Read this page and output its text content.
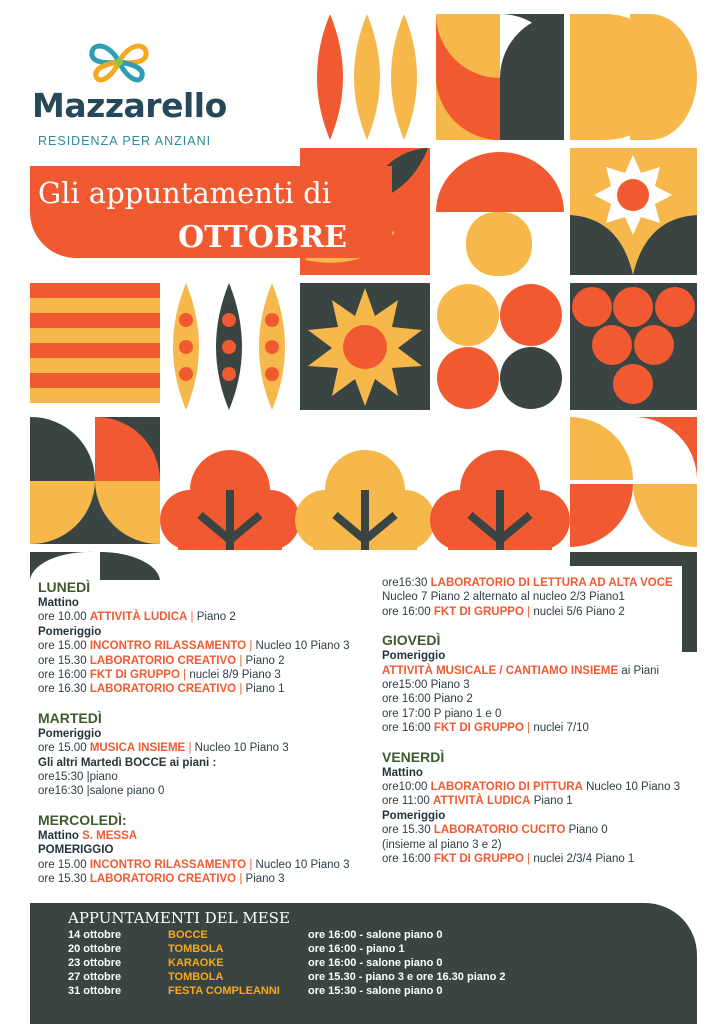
Mazzarello
RESIDENZA PER ANZIANI
Gli appuntamenti di
OTTOBRE
LUNEDÌ
Mattino
ore 10.00 ATTIVITÀ LUDICA | Piano 2
Pomeriggio
ore 15.00 INCONTRO RILASSAMENTO | Nucleo 10 Piano 3
ore 15.30 LABORATORIO CREATIVO | Piano 2
ore 16:00 FKT DI GRUPPO | nuclei 8/9 Piano 3
ore 16.30 LABORATORIO CREATIVO | Piano 1
MARTEDÌ
Pomeriggio
ore 15.00 MUSICA INSIEME | Nucleo 10 Piano 3
Gli altri Martedì BOCCE ai piani :
ore15:30 |piano
ore16:30 |salone piano 0
MERCOLEDÌ:
Mattino S. MESSA
POMERIGGIO
ore 15.00 INCONTRO RILASSAMENTO | Nucleo 10 Piano 3
ore 15.30 LABORATORIO CREATIVO | Piano 3
ore16:30 LABORATORIO DI LETTURA AD ALTA VOCE
Nucleo 7 Piano 2 alternato al nucleo 2/3 Piano1
ore 16:00 FKT DI GRUPPO | nuclei 5/6 Piano 2
GIOVEDÌ
Pomeriggio
ATTIVITÀ MUSICALE / CANTIAMO INSIEME ai Piani
ore15:00 Piano 3
ore 16:00 Piano 2
ore 17:00 P piano 1 e 0
ore 16:00 FKT DI GRUPPO | nuclei 7/10
VENERDÌ
Mattino
ore10:00 LABORATORIO DI PITTURA Nucleo 10 Piano 3
ore 11:00 ATTIVITÀ LUDICA Piano 1
Pomeriggio
ore 15.30 LABORATORIO CUCITO Piano 0
(insieme al piano 3 e 2)
ore 16:00 FKT DI GRUPPO | nuclei 2/3/4 Piano 1
APPUNTAMENTI DEL MESE
14 ottobre	BOCCE	ore 16:00 - salone piano 0
20 ottobre	TOMBOLA	ore 16:00 - piano 1
23 ottobre	KARAOKE	ore 16:00 - salone piano 0
27 ottobre	TOMBOLA	ore 15.30 - piano 3 e ore 16.30 piano 2
31 ottobre	FESTA COMPLEANNI	ore 15:30 - salone piano 0
